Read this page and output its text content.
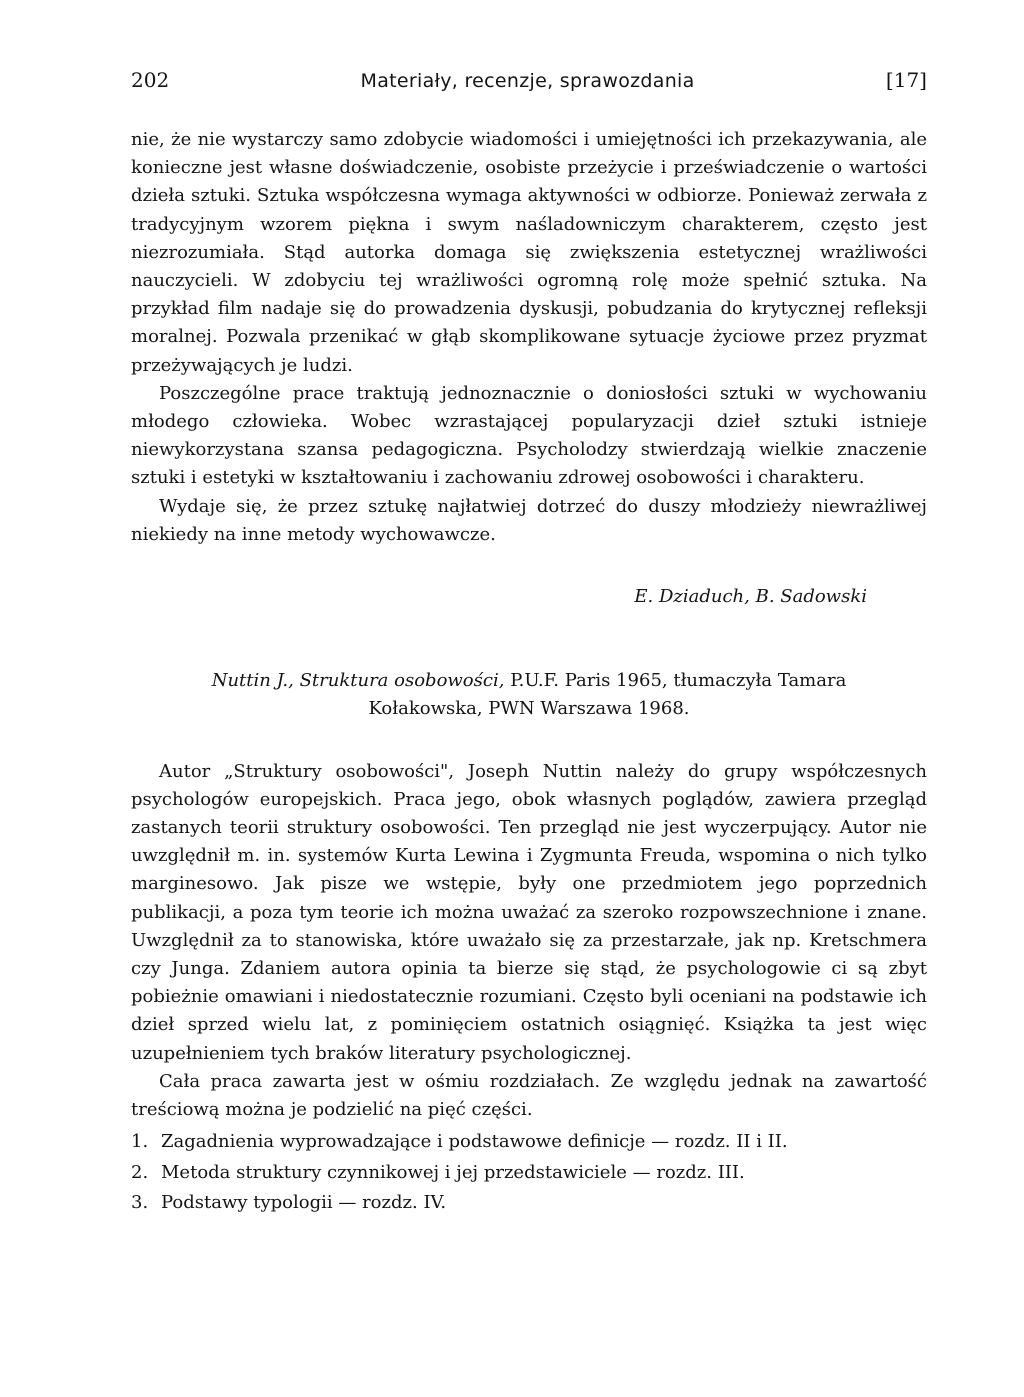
202	Materiały, recenzje, sprawozdania	[17]

nie, że nie wystarczy samo zdobycie wiadomości i umiejętności ich przekazywania, ale konieczne jest własne doświadczenie, osobiste przeżycie i przeświadczenie o wartości dzieła sztuki. Sztuka współczesna wymaga aktywności w odbiorze. Ponieważ zerwała z tradycyjnym wzorem piękna i swym naśladowniczym charakterem, często jest niezrozumiała. Stąd autorka domaga się zwiększenia estetycznej wrażliwości nauczycieli. W zdobyciu tej wrażliwości ogromną rolę może spełnić sztuka. Na przykład film nadaje się do prowadzenia dyskusji, pobudzania do krytycznej refleksji moralnej. Pozwala przenikać w głąb skomplikowane sytuacje życiowe przez pryzmat przeżywających je ludzi.

Poszczególne prace traktują jednoznacznie o doniosłości sztuki w wychowaniu młodego człowieka. Wobec wzrastającej popularyzacji dzieł sztuki istnieje niewykorzystana szansa pedagogiczna. Psycholodzy stwierdzają wielkie znaczenie sztuki i estetyki w kształtowaniu i zachowaniu zdrowej osobowości i charakteru.

Wydaje się, że przez sztukę najłatwiej dotrzeć do duszy młodzieży niewrażliwej niekiedy na inne metody wychowawcze.

E. Dziaduch, B. Sadowski
Nuttin J., Struktura osobowości, P.U.F. Paris 1965, tłumaczyła Tamara
Kołakowska, PWN Warszawa 1968.

Autor „Struktury osobowości", Joseph Nuttin należy do grupy współczesnych psychologów europejskich. Praca jego, obok własnych poglądów, zawiera przegląd zastanych teorii struktury osobowości. Ten przegląd nie jest wyczerpujący. Autor nie uwzględnił m. in. systemów Kurta Lewina i Zygmunta Freuda, wspomina o nich tylko marginesowo. Jak pisze we wstępie, były one przedmiotem jego poprzednich publikacji, a poza tym teorie ich można uważać za szeroko rozpowszechnione i znane. Uwzględnił za to stanowiska, które uważało się za przestarzałe, jak np. Kretschmera czy Junga. Zdaniem autora opinia ta bierze się stąd, że psychologowie ci są zbyt pobieżnie omawiani i niedostatecznie rozumiani. Często byli oceniani na podstawie ich dzieł sprzed wielu lat, z pominięciem ostatnich osiągnięć. Książka ta jest więc uzupełnieniem tych braków literatury psychologicznej.

Cała praca zawarta jest w ośmiu rozdziałach. Ze względu jednak na zawartość treściową można je podzielić na pięć części.

1. Zagadnienia wyprowadzające i podstawowe definicje — rozdz. II i II.
2. Metoda struktury czynnikowej i jej przedstawiciele — rozdz. III.
3. Podstawy typologii — rozdz. IV.
